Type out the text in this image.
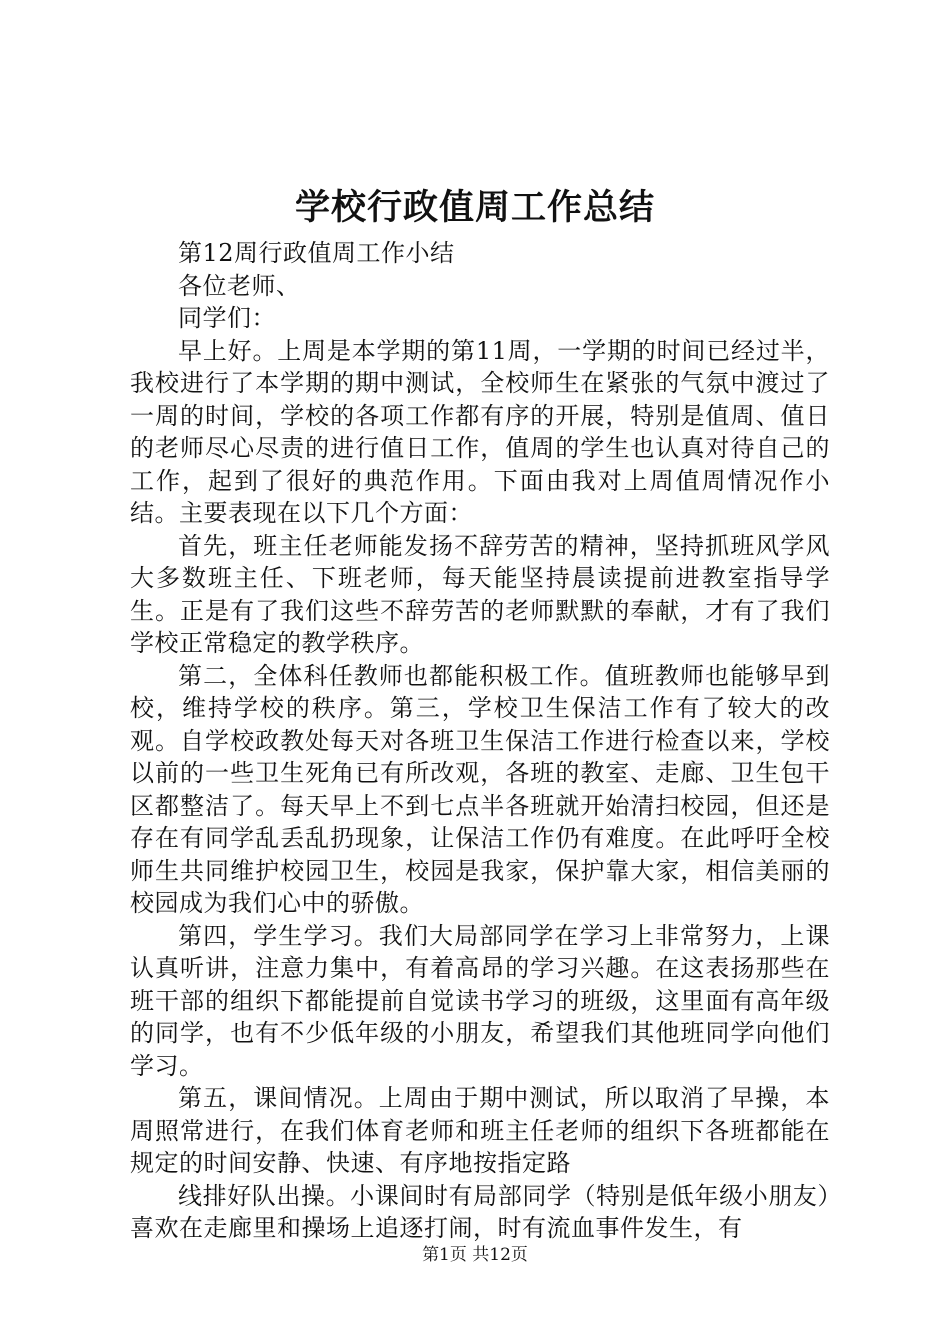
学校行政值周工作总结

第12周行政值周工作小结

各位老师、

同学们：

早上好。上周是本学期的第11周，一学期的时间已经过半，我校进行了本学期的期中测试，全校师生在紧张的气氛中渡过了一周的时间，学校的各项工作都有序的开展，特别是值周、值日的老师尽心尽责的进行值日工作，值周的学生也认真对待自己的工作，起到了很好的典范作用。下面由我对上周值周情况作小结。主要表现在以下几个方面：

首先，班主任老师能发扬不辞劳苦的精神，坚持抓班风学风大多数班主任、下班老师，每天能坚持晨读提前进教室指导学生。正是有了我们这些不辞劳苦的老师默默的奉献，才有了我们学校正常稳定的教学秩序。

第二，全体科任教师也都能积极工作。值班教师也能够早到校，维持学校的秩序。第三，学校卫生保洁工作有了较大的改观。自学校政教处每天对各班卫生保洁工作进行检查以来，学校以前的一些卫生死角已有所改观，各班的教室、走廊、卫生包干区都整洁了。每天早上不到七点半各班就开始清扫校园，但还是存在有同学乱丢乱扔现象，让保洁工作仍有难度。在此呼吁全校师生共同维护校园卫生，校园是我家，保护靠大家，相信美丽的校园成为我们心中的骄傲。

第四，学生学习。我们大局部同学在学习上非常努力，上课认真听讲，注意力集中，有着高昂的学习兴趣。在这表扬那些在班干部的组织下都能提前自觉读书学习的班级，这里面有高年级的同学，也有不少低年级的小朋友，希望我们其他班同学向他们学习。

第五，课间情况。上周由于期中测试，所以取消了早操，本周照常进行，在我们体育老师和班主任老师的组织下各班都能在规定的时间安静、快速、有序地按指定路

线排好队出操。小课间时有局部同学（特别是低年级小朋友）喜欢在走廊里和操场上追逐打闹，时有流血事件发生，有

第1页 共12页
